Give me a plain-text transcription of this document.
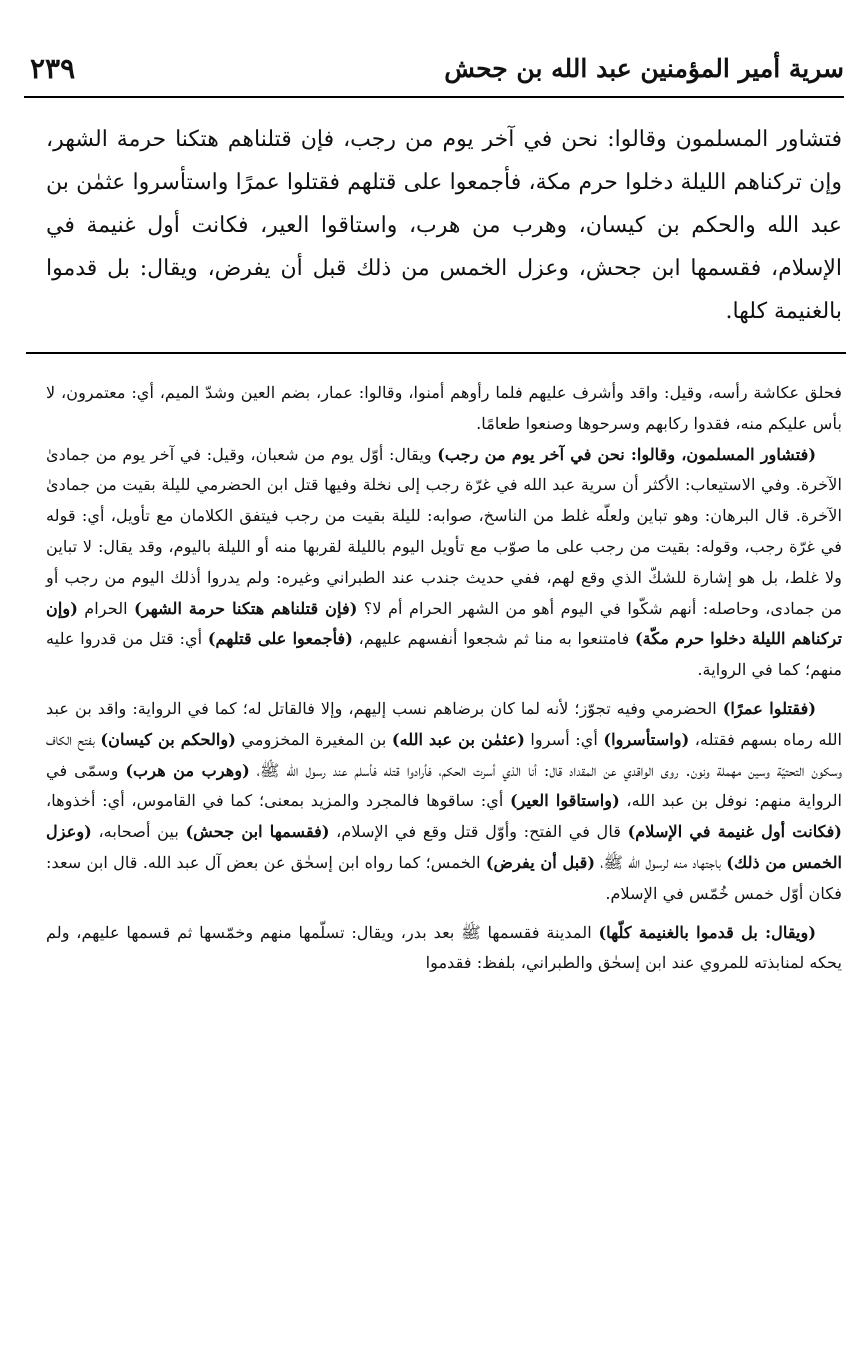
سرية أمير المؤمنين عبد الله بن جحش
٢٣٩

فتشاور المسلمون وقالوا: نحن في آخر يوم من رجب، فإن قتلناهم هتكنا حرمة الشهر، وإن تركناهم الليلة دخلوا حرم مكة، فأجمعوا على قتلهم فقتلوا عمرًا واستأسروا عثمٰن بن عبد الله والحكم بن كيسان، وهرب من هرب، واستاقوا العير، فكانت أول غنيمة في الإسلام، فقسمها ابن جحش، وعزل الخمس من ذلك قبل أن يفرض، ويقال: بل قدموا بالغنيمة كلها.

فحلق عكاشة رأسه، وقيل: واقد وأشرف عليهم فلما رأوهم أمنوا، وقالوا: عمار، بضم العين وشدّ الميم، أي: معتمرون، لا بأس عليكم منه، فقدوا ركابهم وسرحوها وصنعوا طعامًا.

(فتشاور المسلمون، وقالوا: نحن في آخر يوم من رجب) ويقال: أوّل يوم من شعبان، وقيل: في آخر يوم من جمادىٰ الآخرة. وفي الاستيعاب: الأكثر أن سرية عبد الله في غرّة رجب إلى نخلة وفيها قتل ابن الحضرمي لليلة بقيت من جمادىٰ الآخرة. قال البرهان: وهو تباين ولعلّه غلط من الناسخ، صوابه: لليلة بقيت من رجب فيتفق الكلامان مع تأويل، أي: قوله في غرّة رجب، وقوله: بقيت من رجب على ما صوّب مع تأويل اليوم بالليلة لقربها منه أو الليلة باليوم، وقد يقال: لا تباين ولا غلط، بل هو إشارة للشكّ الذي وقع لهم، ففي حديث جندب عند الطبراني وغيره: ولم يدروا أذلك اليوم من رجب أو من جمادى، وحاصله: أنهم شكّوا في اليوم أهو من الشهر الحرام أم لا؟ (فإن قتلناهم هتكنا حرمة الشهر) الحرام (وإن تركناهم الليلة دخلوا حرم مكّة) فامتنعوا به منا ثم شجعوا أنفسهم عليهم، (فأجمعوا على قتلهم) أي: قتل من قدروا عليه منهم؛ كما في الرواية.

(فقتلوا عمرًا) الحضرمي وفيه تجوّز؛ لأنه لما كان برضاهم نسب إليهم، وإلا فالقاتل له؛ كما في الرواية: واقد بن عبد الله رماه بسهم فقتله، (واستأسروا) أي: أسروا (عثمٰن بن عبد الله) بن المغيرة المخزومي (والحكم بن كيسان) بفتح الكاف وسكون التحتيّة وسين مهملة ونون. روى الواقدي عن المقداد قال: أنا الذي أسرت الحكم، فأرادوا قتله فأسلم عند رسول الله ﷺ، (وهرب من هرب) وسمّى في الرواية منهم: نوفل بن عبد الله، (واستاقوا العير) أي: ساقوها فالمجرد والمزيد بمعنى؛ كما في القاموس، أي: أخذوها، (فكانت أول غنيمة في الإسلام) قال في الفتح: وأوّل قتل وقع في الإسلام، (فقسمها ابن جحش) بين أصحابه، (وعزل الخمس من ذلك) باجتهاد منه لرسول الله ﷺ، (قبل أن يفرض) الخمس؛ كما رواه ابن إسحٰق عن بعض آل عبد الله. قال ابن سعد: فكان أوّل خمس خُمّس في الإسلام.

(ويقال: بل قدموا بالغنيمة كلّها) المدينة فقسمها ﷺ بعد بدر، ويقال: تسلّمها منهم وخمّسها ثم قسمها عليهم، ولم يحكه لمنابذته للمروي عند ابن إسحٰق والطبراني، بلفظ: فقدموا
